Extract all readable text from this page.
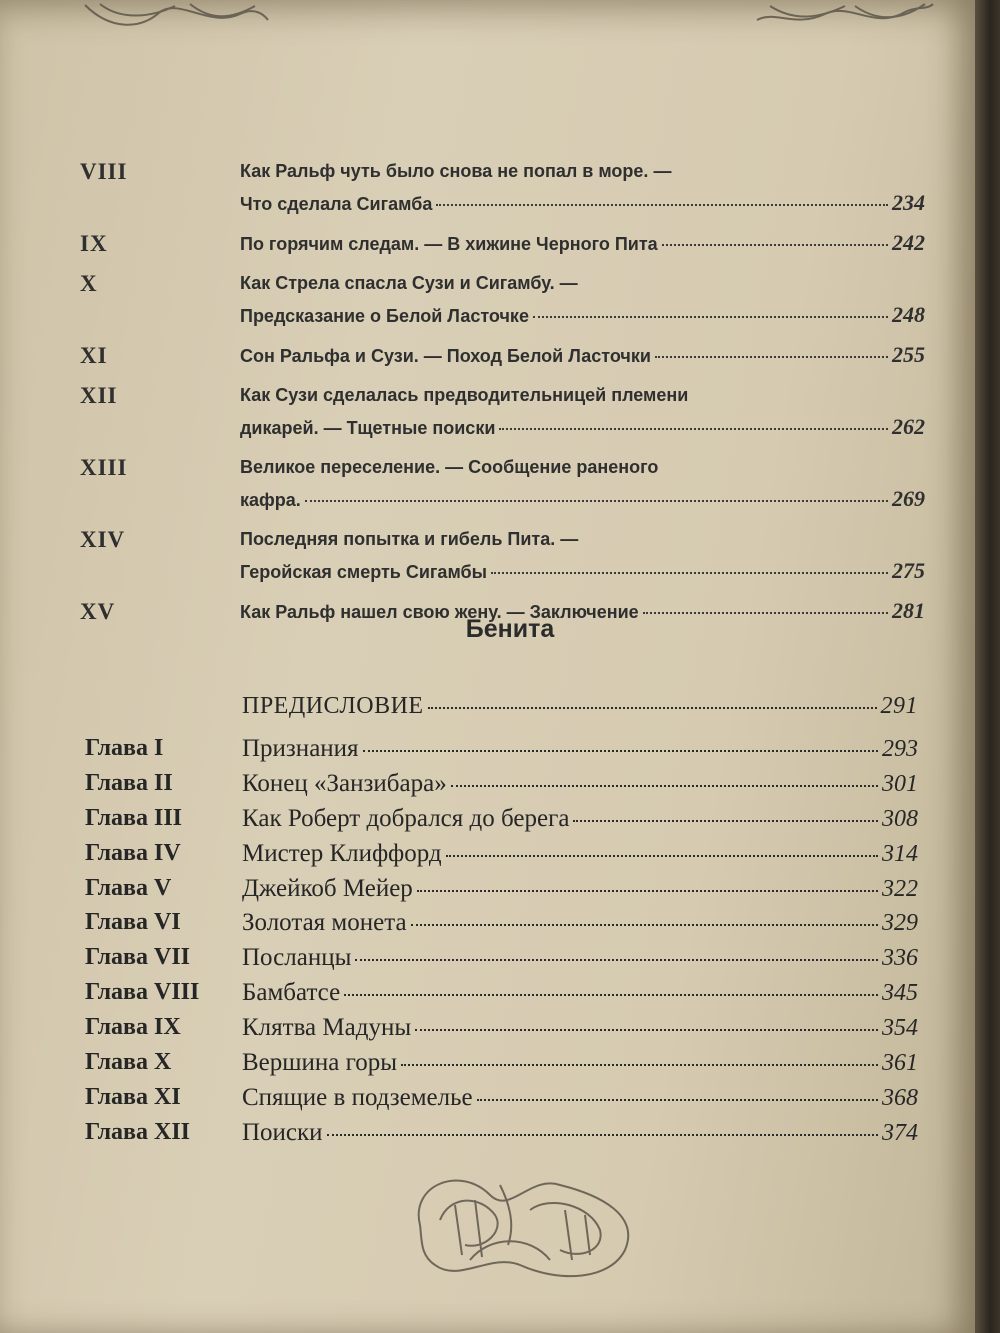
VIII	Как Ральф чуть было снова не попал в море. —
Что сделала Сигамба	234
IX	По горячим следам. — В хижине Черного Пита	242
X	Как Стрела спасла Сузи и Сигамбу. —
Предсказание о Белой Ласточке	248
XI	Сон Ральфа и Сузи. — Поход Белой Ласточки	255
XII	Как Сузи сделалась предводительницей племени
дикарей. — Тщетные поиски	262
XIII	Великое переселение. — Сообщение раненого
кафра.	269
XIV	Последняя попытка и гибель Пита. —
Геройская смерть Сигамбы	275
XV	Как Ральф нашел свою жену. — Заключение	281
Бенита
ПРЕДИСЛОВИЕ	291
Глава I	Признания	293
Глава II	Конец «Занзибара»	301
Глава III Как Роберт добрался до берега	308
Глава IV Мистер Клиффорд	314
Глава V	Джейкоб Мейер	322
Глава VI Золотая монета	329
Глава VII Посланцы	336
Глава VIII Бамбатсе	345
Глава IX Клятва Мадуны	354
Глава X	Вершина горы	361
Глава XI Спящие в подземелье	368
Глава XII Поиски	374
